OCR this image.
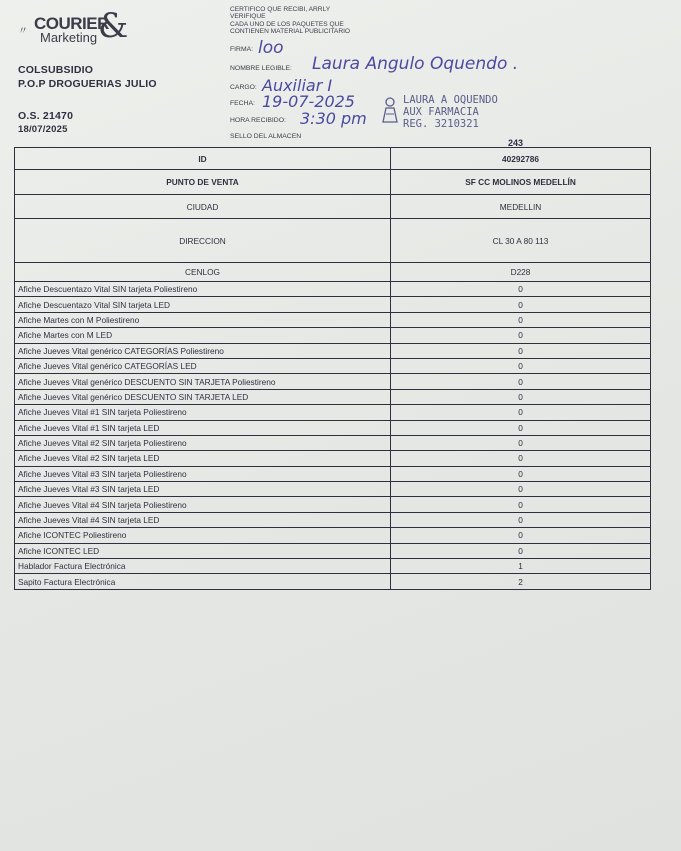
〃 COURIER
Marketing &
COLSUBSIDIO
P.O.P DROGUERIAS JULIO
O.S. 21470
18/07/2025
CERTIFICO QUE RECIBI, ARRLY
VERIFIQUE
CADA UNO DE LOS PAQUETES QUE
CONTIENEN MATERIAL PUBLICITARIO
FIRMA: loo
NOMBRE LEGIBLE: Laura Angulo Oquendo .
CARGO: Auxiliar I
FECHA: 19-07-2025
HORA RECIBIDO: 3:30 pm
SELLO DEL ALMACEN
LAURA A OQUENDO
AUX FARMACIA
REG. 3210321
243
ID	40292786
PUNTO DE VENTA	SF CC MOLINOS MEDELLÍN
CIUDAD	MEDELLIN
DIRECCION	CL 30 A 80 113
CENLOG	D228
Afiche Descuentazo Vital SIN tarjeta Poliestireno	0
Afiche Descuentazo Vital SIN tarjeta LED	0
Afiche Martes con M Poliestireno	0
Afiche Martes con M LED	0
Afiche Jueves Vital genérico CATEGORÍAS Poliestireno	0
Afiche Jueves Vital genérico CATEGORÍAS LED	0
Afiche Jueves Vital genérico DESCUENTO SIN TARJETA Poliestireno	0
Afiche Jueves Vital genérico DESCUENTO SIN TARJETA LED	0
Afiche Jueves Vital #1 SIN tarjeta Poliestireno	0
Afiche Jueves Vital #1 SIN tarjeta LED	0
Afiche Jueves Vital #2 SIN tarjeta Poliestireno	0
Afiche Jueves Vital #2 SIN tarjeta LED	0
Afiche Jueves Vital #3 SIN tarjeta Poliestireno	0
Afiche Jueves Vital #3 SIN tarjeta LED	0
Afiche Jueves Vital #4 SIN tarjeta Poliestireno	0
Afiche Jueves Vital #4 SIN tarjeta LED	0
Afiche ICONTEC Poliestireno	0
Afiche ICONTEC LED	0
Hablador Factura Electrónica	1
Sapito Factura Electrónica	2
